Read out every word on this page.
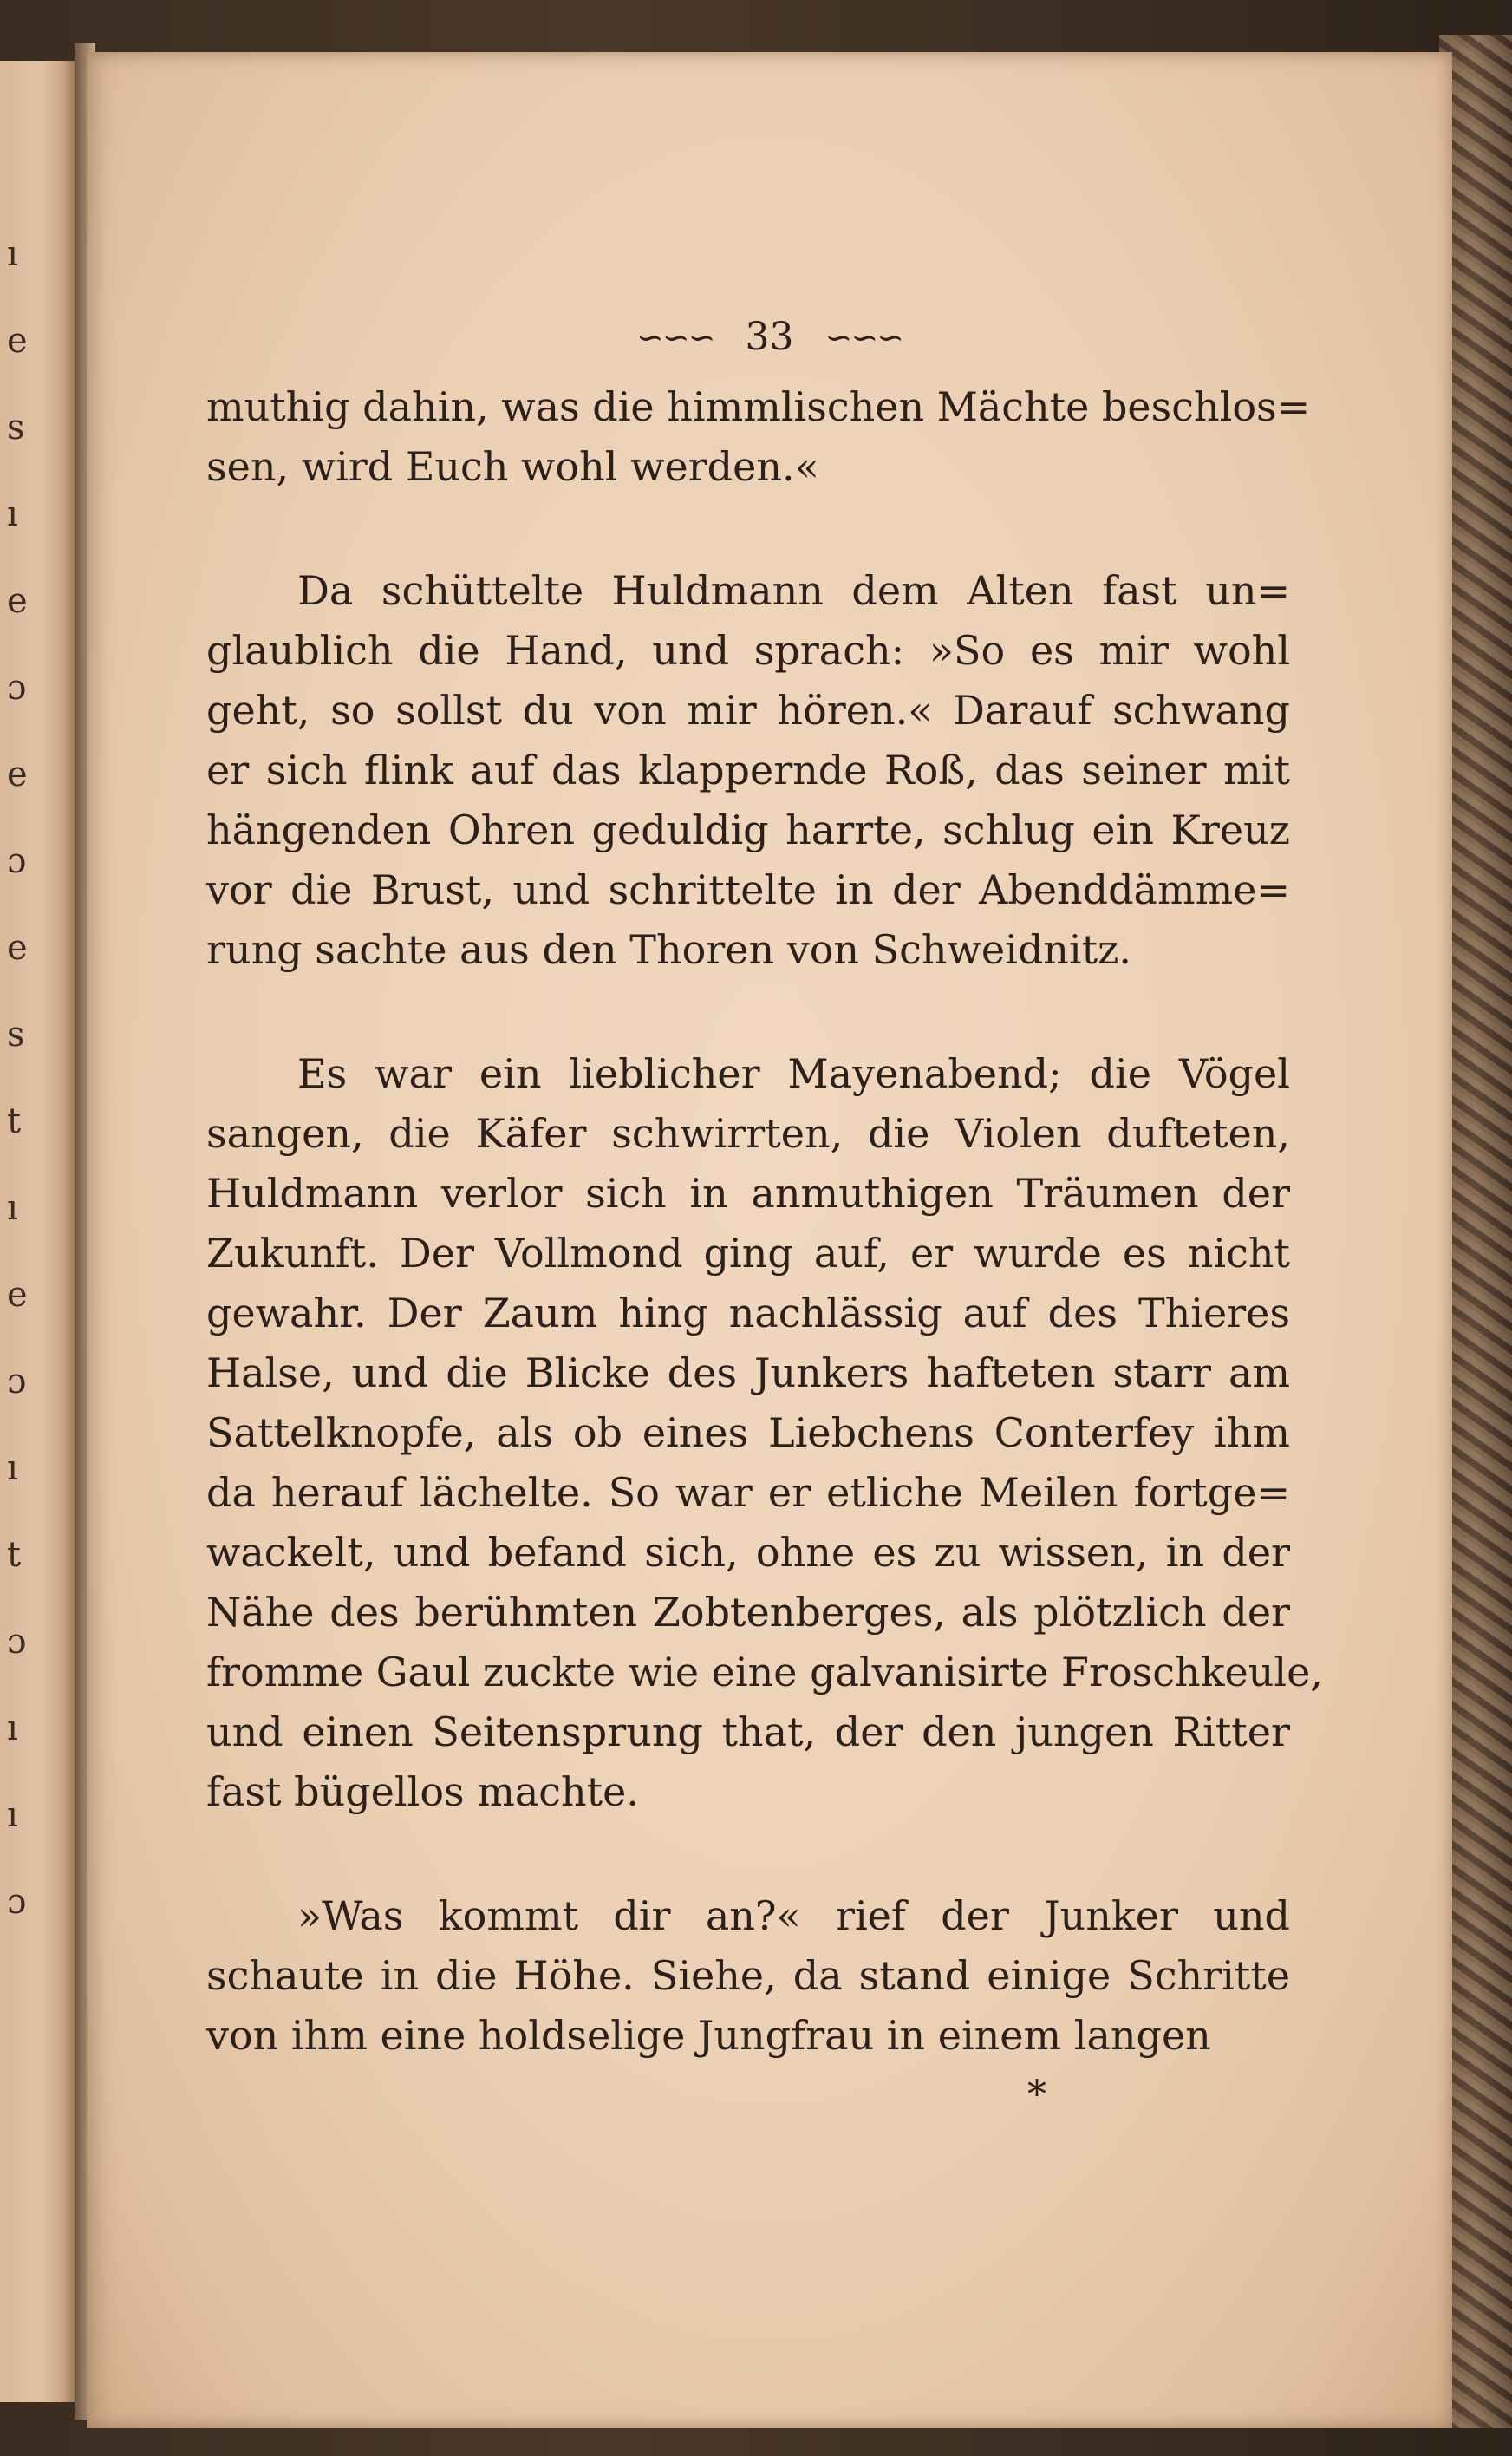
ı
e
s
ı
e
ɔ
e
ɔ
e
s
t
ı
e
ɔ
ı
t
ɔ
ı
ı
ɔ
∽∽∽ 33 ∽∽∽
muthig dahin, was die himmlischen Mächte beschlos=
sen, wird Euch wohl werden.«
Da schüttelte Huldmann dem Alten fast un=
glaublich die Hand, und sprach: »So es mir wohl
geht, so sollst du von mir hören.« Darauf schwang
er sich flink auf das klappernde Roß, das seiner mit
hängenden Ohren geduldig harrte, schlug ein Kreuz
vor die Brust, und schrittelte in der Abenddämme=
rung sachte aus den Thoren von Schweidnitz.
Es war ein lieblicher Mayenabend; die Vögel
sangen, die Käfer schwirrten, die Violen dufteten,
Huldmann verlor sich in anmuthigen Träumen der
Zukunft. Der Vollmond ging auf, er wurde es nicht
gewahr. Der Zaum hing nachlässig auf des Thieres
Halse, und die Blicke des Junkers hafteten starr am
Sattelknopfe, als ob eines Liebchens Conterfey ihm
da herauf lächelte. So war er etliche Meilen fortge=
wackelt, und befand sich, ohne es zu wissen, in der
Nähe des berühmten Zobtenberges, als plötzlich der
fromme Gaul zuckte wie eine galvanisirte Froschkeule,
und einen Seitensprung that, der den jungen Ritter
fast bügellos machte.
»Was kommt dir an?« rief der Junker und
schaute in die Höhe. Siehe, da stand einige Schritte
von ihm eine holdselige Jungfrau in einem langen
*
